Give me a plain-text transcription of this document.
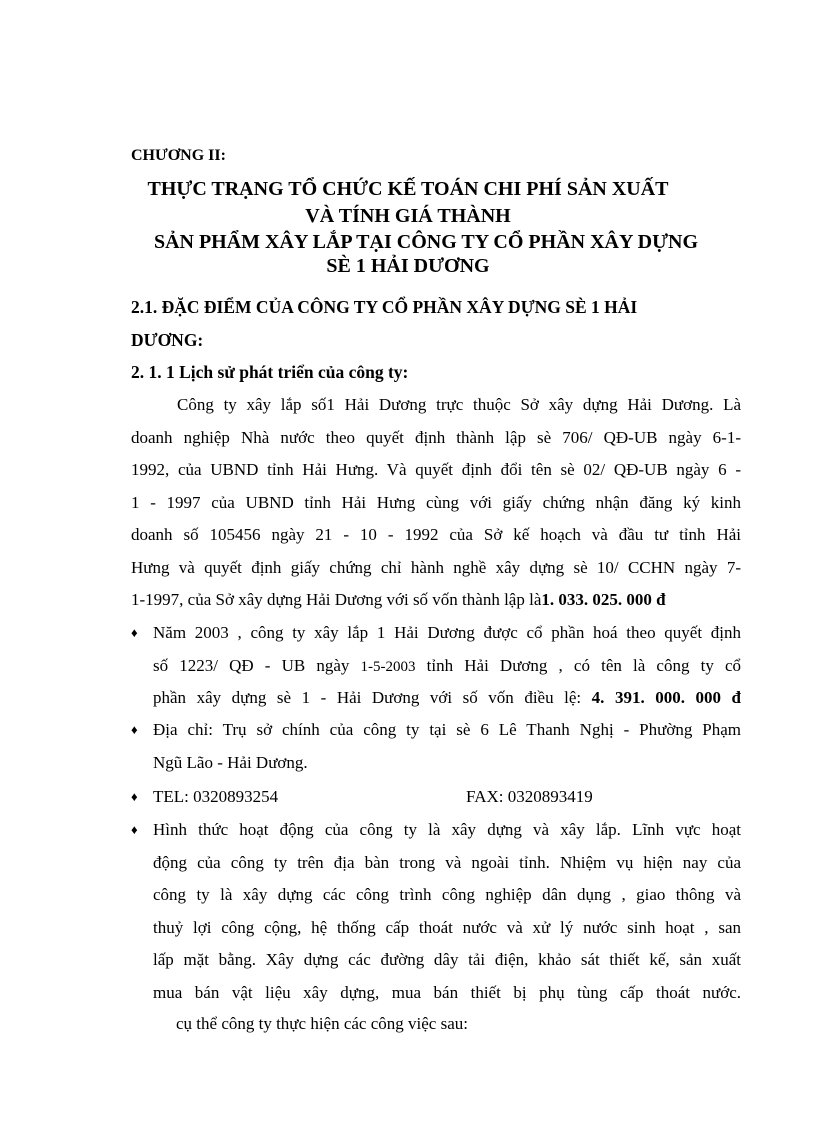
CHƯƠNG II:
THỰC TRẠNG TỔ CHỨC KẾ TOÁN CHI PHÍ SẢN XUẤT
VÀ TÍNH GIÁ THÀNH
SẢN PHẨM XÂY LẮP TẠI CÔNG TY CỔ PHẦN XÂY DỰNG
SÈ 1 HẢI DƯƠNG
2.1. ĐẶC ĐIỂM CỦA CÔNG TY CỔ PHẦN XÂY DỰNG SÈ 1 HẢI
DƯƠNG:
2. 1. 1 Lịch sử phát triển của công ty:
Công ty xây lắp số1 Hải Dương trực thuộc Sở xây dựng Hải Dương. Là
doanh nghiệp Nhà nước theo quyết định thành lập sè 706/ QĐ-UB ngày 6-1-
1992, của UBND tỉnh Hải Hưng. Và quyết định đổi tên sè 02/ QĐ-UB ngày 6 -
1 - 1997 của UBND tỉnh Hải Hưng cùng với giấy chứng nhận đăng ký kinh
doanh số 105456 ngày 21 - 10 - 1992 của Sở kế hoạch và đầu tư tỉnh Hải
Hưng và quyết định giấy chứng chỉ hành nghề xây dựng sè 10/ CCHN ngày 7-
1-1997, của Sở xây dựng Hải Dương với số vốn thành lập là1. 033. 025. 000 đ
♦ Năm 2003 , công ty xây lắp 1 Hải Dương được cổ phần hoá theo quyết định
số 1223/ QĐ - UB ngày 1-5-2003 tỉnh Hải Dương , có tên là công ty cổ
phần xây dựng sè 1 - Hải Dương với số vốn điều lệ: 4. 391. 000. 000 đ
♦ Địa chỉ: Trụ sở chính của công ty tại sè 6 Lê Thanh Nghị - Phường Phạm
Ngũ Lão - Hải Dương.
♦ TEL: 0320893254	FAX: 0320893419
♦ Hình thức hoạt động của công ty là xây dựng và xây lắp. Lĩnh vực hoạt
động của công ty trên địa bàn trong và ngoài tỉnh. Nhiệm vụ hiện nay của
công ty là xây dựng các công trình công nghiệp dân dụng , giao thông và
thuỷ lợi công cộng, hệ thống cấp thoát nước và xử lý nước sinh hoạt , san
lấp mặt bằng. Xây dựng các đường dây tải điện, khảo sát thiết kế, sản xuất
mua bán vật liệu xây dựng, mua bán thiết bị phụ tùng cấp thoát nước.
cụ thể công ty thực hiện các công việc sau:
